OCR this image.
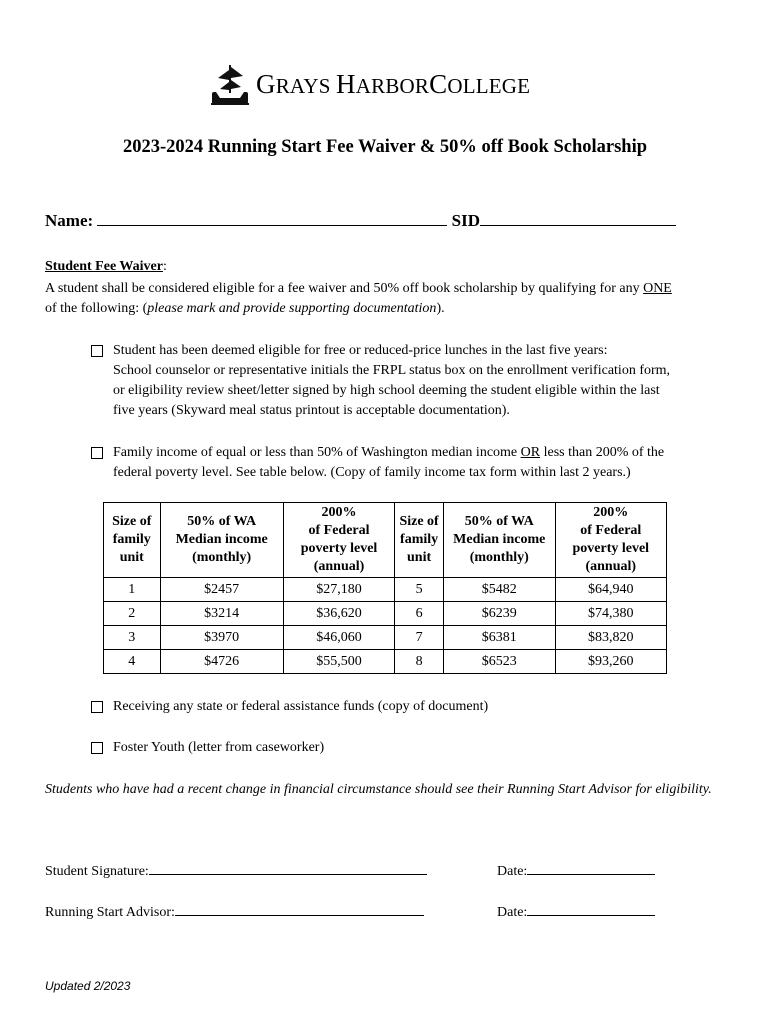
GRAYS HARBORCOLLEGE
2023-2024 Running Start Fee Waiver & 50% off Book Scholarship
Name:	SID
Student Fee Waiver:
A student shall be considered eligible for a fee waiver and 50% off book scholarship by qualifying for any ONE
of the following: (please mark and provide supporting documentation).
Student has been deemed eligible for free or reduced-price lunches in the last five years:
School counselor or representative initials the FRPL status box on the enrollment verification form,
or eligibility review sheet/letter signed by high school deeming the student eligible within the last
five years (Skyward meal status printout is acceptable documentation).
Family income of equal or less than 50% of Washington median income OR less than 200% of the
federal poverty level. See table below. (Copy of family income tax form within last 2 years.)
Size of
family
unit	50% of WA
Median income
(monthly)	200%
of Federal
poverty level
(annual)	Size of
family
unit	50% of WA
Median income
(monthly)	200%
of Federal
poverty level
(annual)
1	$2457	$27,180	5	$5482	$64,940
2	$3214	$36,620	6	$6239	$74,380
3	$3970	$46,060	7	$6381	$83,820
4	$4726	$55,500	8	$6523	$93,260
Receiving any state or federal assistance funds (copy of document)
Foster Youth (letter from caseworker)
Students who have had a recent change in financial circumstance should see their Running Start Advisor for eligibility.
Student Signature:	Date:
Running Start Advisor:	Date:
Updated 2/2023
